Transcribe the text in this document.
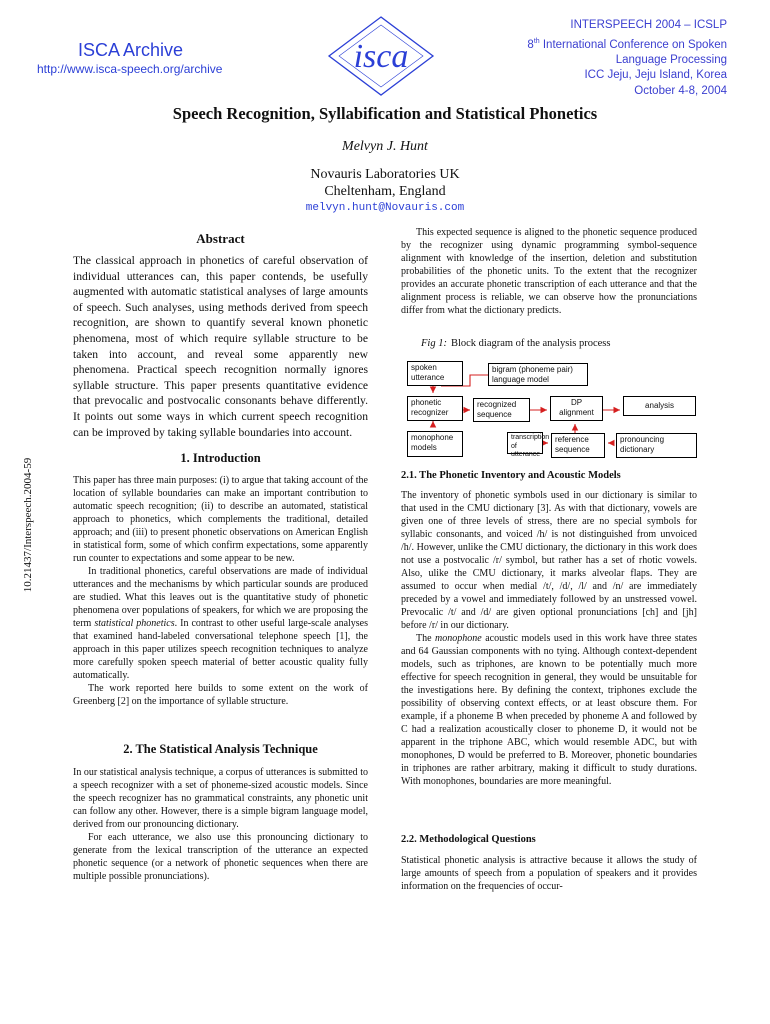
ISCA Archive
http://www.isca-speech.org/archive	isca
INTERSPEECH 2004 – ICSLP
8th International Conference on Spoken
Language Processing
ICC Jeju, Jeju Island, Korea
October 4-8, 2004
Speech Recognition, Syllabification and Statistical Phonetics
Melvyn J. Hunt
Novauris Laboratories UK
Cheltenham, England
melvyn.hunt@Novauris.com
10.21437/Interspeech.2004-59
Abstract
The classical approach in phonetics of careful observation of individual utterances can, this paper contends, be usefully augmented with automatic statistical analyses of large amounts of speech. Such analyses, using methods derived from speech recognition, are shown to quantify several known phonetic phenomena, most of which require syllable structure to be taken into account, and reveal some apparently new phenomena. Practical speech recognition normally ignores syllable structure. This paper presents quantitative evidence that prevocalic and postvocalic consonants behave differently. It points out some ways in which current speech recognition can be improved by taking syllable boundaries into account.
1. Introduction

This paper has three main purposes: (i) to argue that taking account of the location of syllable boundaries can make an important contribution to automatic speech recognition; (ii) to describe an automated, statistical approach to phonetics, which complements the traditional, detailed approach; and (iii) to present phonetic observations on American English in statistical form, some of which confirm expectations, some apparently run counter to expectations and some appear to be new.

In traditional phonetics, careful observations are made of individual utterances and the mechanisms by which particular sounds are produced are studied. What this leaves out is the quantitative study of phonetic phenomena over populations of speakers, for which we are proposing the term statistical phonetics. In contrast to other useful large-scale analyses that examined hand-labeled conversational telephone speech [1], the approach in this paper utilizes speech recognition techniques to analyze more carefully spoken speech material of better acoustic quality fully automatically.

The work reported here builds to some extent on the work of Greenberg [2] on the importance of syllable structure.

2. The Statistical Analysis Technique

In our statistical analysis technique, a corpus of utterances is submitted to a speech recognizer with a set of phoneme-sized acoustic models. Since the speech recognizer has no grammatical constraints, any phonetic unit can follow any other. However, there is a simple bigram language model, derived from our pronouncing dictionary.

For each utterance, we also use this pronouncing dictionary to generate from the lexical transcription of the utterance an expected phonetic sequence (or a network of phonetic sequences when there are multiple possible pronunciations).

This expected sequence is aligned to the phonetic sequence produced by the recognizer using dynamic programming symbol-sequence alignment with knowledge of the insertion, deletion and substitution probabilities of the phonetic units. To the extent that the recognizer provides an accurate phonetic transcription of each utterance and that the alignment process is reliable, we can observe how the pronunciations differ from what the dictionary predicts.

Fig 1: Block diagram of the analysis process
spoken utterance
bigram (phoneme pair) language model
phonetic recognizer
recognized sequence
DP alignment
analysis
monophone models
transcription of utterance
reference sequence
pronouncing dictionary
2.1. The Phonetic Inventory and Acoustic Models

The inventory of phonetic symbols used in our dictionary is similar to that used in the CMU dictionary [3]. As with that dictionary, vowels are given one of three levels of stress, there are no special symbols for syllabic consonants, and voiced /h/ is not distinguished from unvoiced /h/. However, unlike the CMU dictionary, the dictionary in this work does not use a postvocalic /r/ symbol, but rather has a set of rhotic vowels. Also, ulike the CMU dictionary, it marks alveolar flaps. They are assumed to occur when medial /t/, /d/, /l/ and /n/ are immediately preceded by a vowel and immediately followed by an unstressed vowel. Prevocalic /t/ and /d/ are given optional pronunciations [ch] and [jh] before /r/ in our dictionary.

The monophone acoustic models used in this work have three states and 64 Gaussian components with no tying. Although context-dependent models, such as triphones, are known to be potentially much more effective for speech recognition in general, they would be unsuitable for the investigations here. By defining the context, triphones exclude the possibility of observing context effects, or at least obscure them. For example, if a phoneme B when preceded by phoneme A and followed by C had a realization acoustically closer to phoneme D, it would not be apparent in the triphone ABC, which would resemble ADC, but with monophones, D would be preferred to B. Moreover, phonetic boundaries in triphones are rather arbitrary, making it difficult to study durations. With monophones, boundaries are more meaningful.

2.2. Methodological Questions

Statistical phonetic analysis is attractive because it allows the study of large amounts of speech from a population of speakers and it provides information on the frequencies of occur-
